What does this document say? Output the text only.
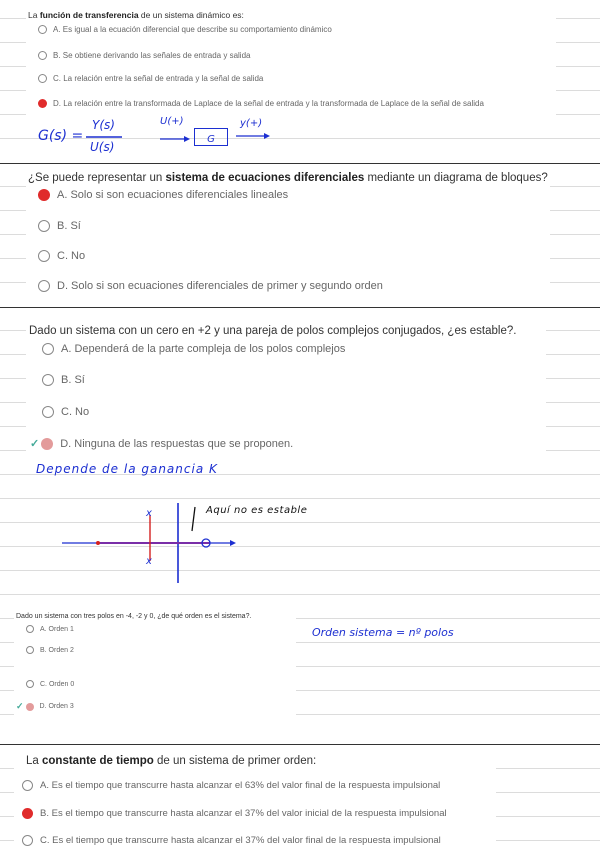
La función de transferencia de un sistema dinámico es:
A. Es igual a la ecuación diferencial que describe su comportamiento dinámico
B. Se obtiene derivando las señales de entrada y salida
C. La relación entre la señal de entrada y la señal de salida
D. La relación entre la transformada de Laplace de la señal de entrada y la transformada de Laplace de la señal de salida
G(s) =
Y(s)
U(s)
U(+)
G
y(+)
¿Se puede representar un sistema de ecuaciones diferenciales mediante un diagrama de bloques?
A. Solo si son ecuaciones diferenciales lineales
B. Sí
C. No
D. Solo si son ecuaciones diferenciales de primer y segundo orden
Dado un sistema con un cero en +2 y una pareja de polos complejos conjugados, ¿es estable?.
A. Dependerá de la parte compleja de los polos complejos
B. Sí
C. No
✓ D. Ninguna de las respuestas que se proponen.
Depende de la ganancia K
x
x
Aquí no es estable
Dado un sistema con tres polos en -4, -2 y 0, ¿de qué orden es el sistema?.
A. Orden 1
B. Orden 2
C. Orden 0
✓ D. Orden 3
Orden sistema = nº polos
La constante de tiempo de un sistema de primer orden:
A. Es el tiempo que transcurre hasta alcanzar el 63% del valor final de la respuesta impulsional
B. Es el tiempo que transcurre hasta alcanzar el 37% del valor inicial de la respuesta impulsional
C. Es el tiempo que transcurre hasta alcanzar el 37% del valor final de la respuesta impulsional
